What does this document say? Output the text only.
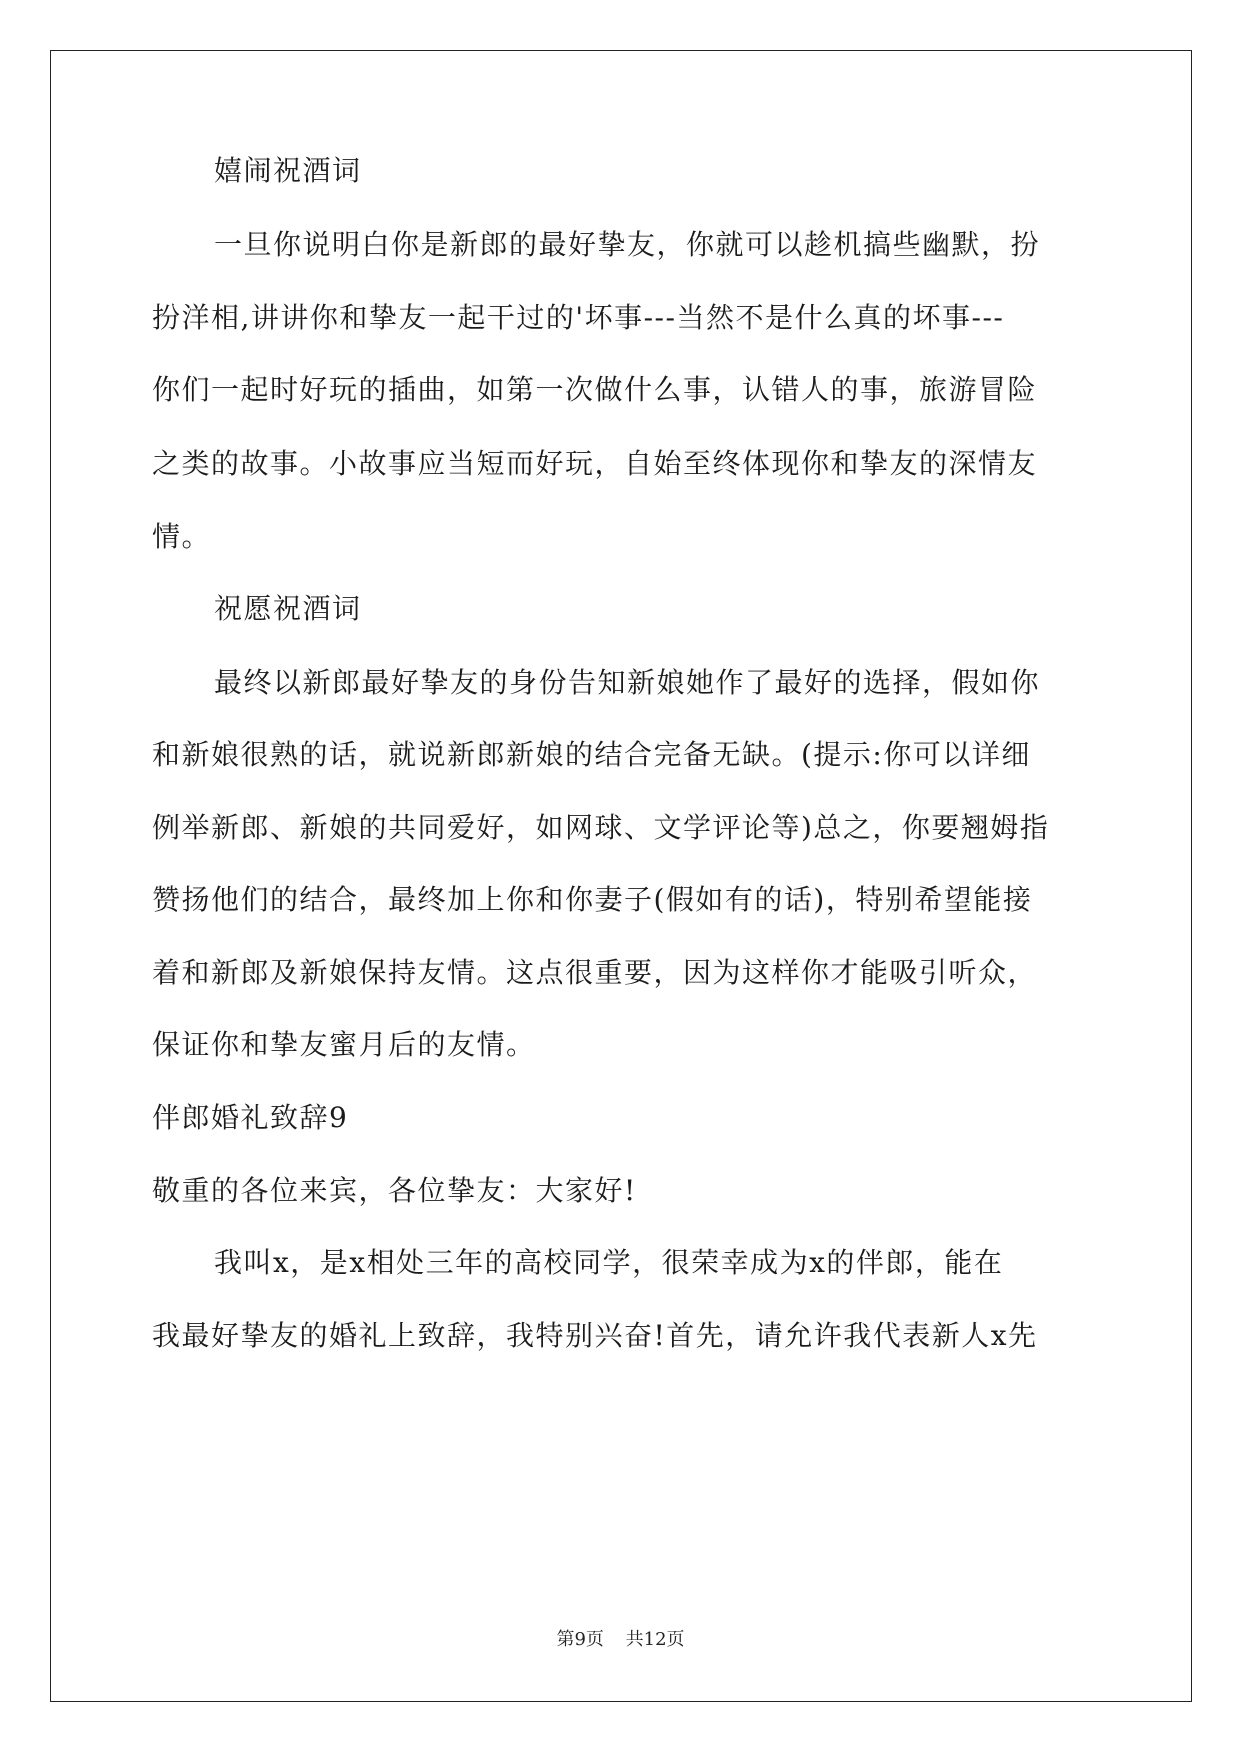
嬉闹祝酒词
一旦你说明白你是新郎的最好挚友，你就可以趁机搞些幽默，扮
扮洋相,讲讲你和挚友一起干过的'坏事---当然不是什么真的坏事---
你们一起时好玩的插曲，如第一次做什么事，认错人的事，旅游冒险
之类的故事。小故事应当短而好玩，自始至终体现你和挚友的深情友
情。
祝愿祝酒词
最终以新郎最好挚友的身份告知新娘她作了最好的选择，假如你
和新娘很熟的话，就说新郎新娘的结合完备无缺。(提示:你可以详细
例举新郎、新娘的共同爱好，如网球、文学评论等)总之，你要翘姆指
赞扬他们的结合，最终加上你和你妻子(假如有的话)，特别希望能接
着和新郎及新娘保持友情。这点很重要，因为这样你才能吸引听众，
保证你和挚友蜜月后的友情。
伴郎婚礼致辞9
敬重的各位来宾，各位挚友：大家好!
我叫x，是x相处三年的高校同学，很荣幸成为x的伴郎，能在
我最好挚友的婚礼上致辞，我特别兴奋!首先，请允许我代表新人x先
第9页 共12页
